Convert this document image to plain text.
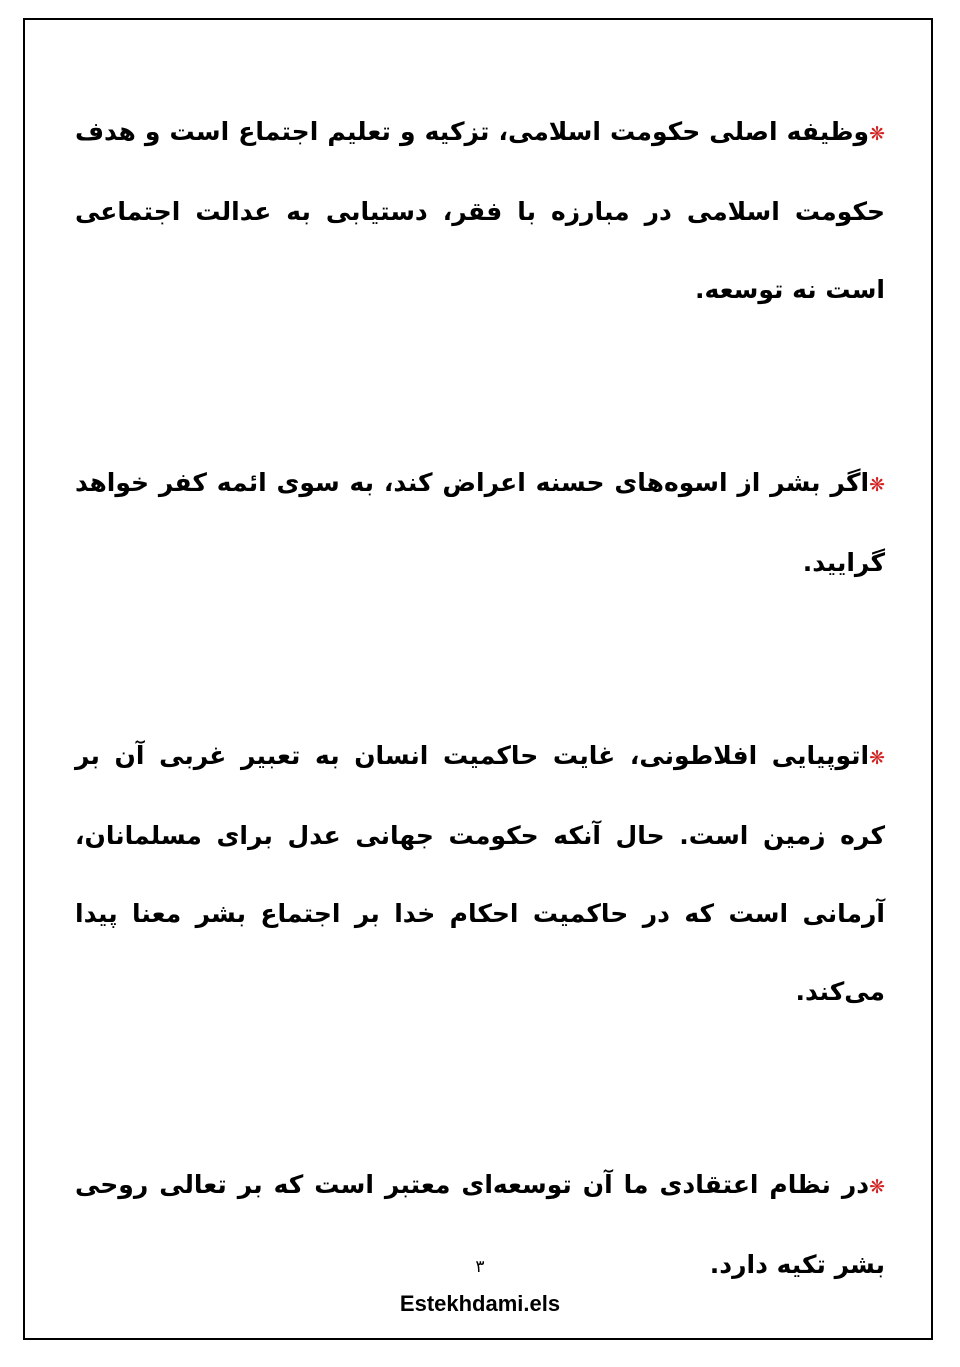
❋وظیفه اصلی حکومت اسلامی، تزکیه و تعلیم اجتماع است و هدف حکومت اسلامی در مبارزه با فقر، دستیابی به عدالت اجتماعی است نه توسعه.

❋اگر بشر از اسوه‌های حسنه اعراض کند، به سوی ائمه کفر خواهد گرایید.

❋اتوپیایی افلاطونی، غایت حاکمیت انسان به تعبیر غربی آن بر کره زمین است. حال آنکه حکومت جهانی عدل برای مسلمانان، آرمانی است که در حاکمیت احکام خدا بر اجتماع بشر معنا پیدا می‌کند.

❋در نظام اعتقادی ما آن توسعه‌ای معتبر است که بر تعالی روحی بشر تکیه دارد.

۳
Estekhdami.els
